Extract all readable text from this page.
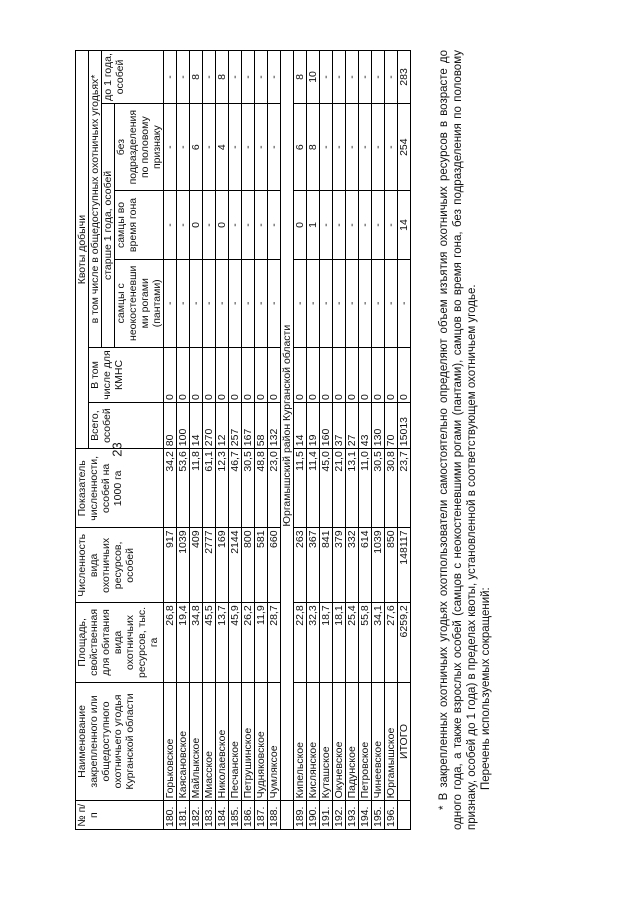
23
№ п/п	Наименование закрепленного или общедоступного охотничьего угодья Курганской области	Площадь, свойственная для обитания вида охотничьих ресурсов, тыс. га	Численность вида охотничьих ресурсов, особей	Показатель численности, особей на 1000 га	Квоты добычи					
					Всего, особей	В том числе для КМНС	в том числе в общедоступных охотничьих угодьях*			
							старше 1 года, особей			до 1 года, особей
							самцы с неокостеневши ми рогами (пантами)	самцы во время гона	без подразделения по половому признаку	
180.	Горьковское	26,8	917	34,2	80	0	-	-	-	-
181.	Каясановское	19,4	1039	53,6	100	0	-	-	-	-
182.	Майлыкское	34,8	409	11,8	14	0	-	0	6	8
183.	Миасское	45,5	2777	61,1	270	0	-	-	-	-
184.	Николаевское	13,7	169	12,3	12	0	-	0	4	8
185.	Песчанское	45,9	2144	46,7	257	0	-	-	-	-
186.	Петрушинское	26,2	800	30,5	167	0	-	-	-	-
187.	Чудняковское	11,9	581	48,8	58	0	-	-	-	-
188.	Чумляксое	28,7	660	23,0	132	0	-	-	-	-
	Юргамышский район Курганской области									
189.	Кипельское	22,8	263	11,5	14	0	-	0	6	8
190.	Кислянское	32,3	367	11,4	19	0	-	1	8	10
191.	Куташское	18,7	841	45,0	160	0	-	-	-	-
192.	Окуневское	18,1	379	21,0	37	0	-	-	-	-
193.	Падунское	25,4	332	13,1	27	0	-	-	-	-
194.	Петровское	55,8	614	11,0	43	0	-	-	-	-
195.	Чинеевское	34,1	1039	30,5	130	0	-	-	-	-
196.	Юргамышское	27,6	850	30,8	70	0	-	-	-	-
	ИТОГО	6259,2	148117	23,7	15013	0	-	14	254	283 * В закрепленных охотничьих угодьях охотпользователи самостоятельно определяют объем изъятия охотничьих ресурсов в возрасте до одного года, а также взрослых особей (самцов с неокостеневшими рогами (пантами), самцов во время гона, без подразделения по половому признаку, особей до 1 года) в пределах квоты, установленной в соответствующем охотничьем угодье. Перечень используемых сокращений:
